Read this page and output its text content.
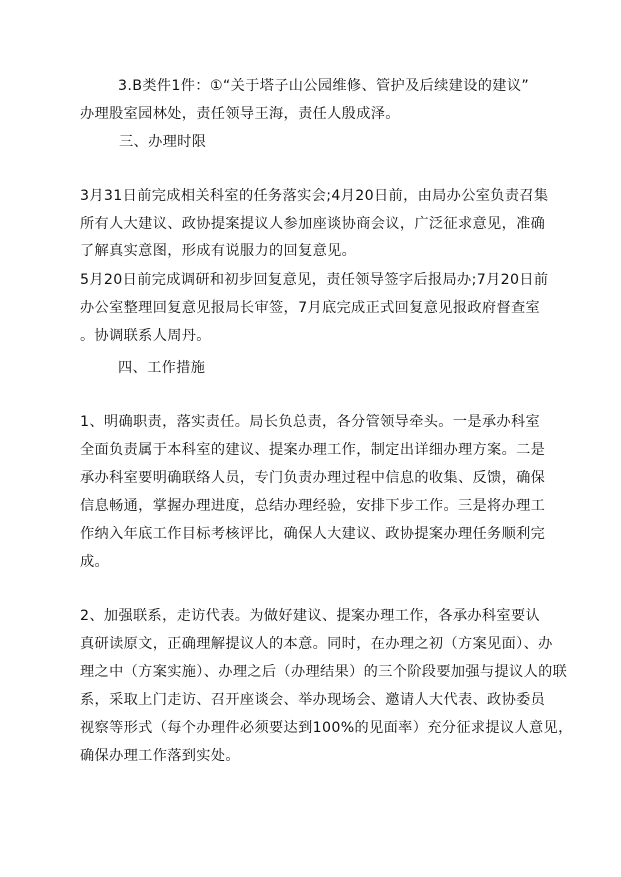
3.B类件1件：①“关于塔子山公园维修、管护及后续建设的建议”
办理股室园林处，责任领导王海，责任人殷成泽。
三、办理时限
3月31日前完成相关科室的任务落实会;4月20日前，由局办公室负责召集
所有人大建议、政协提案提议人参加座谈协商会议，广泛征求意见，准确
了解真实意图，形成有说服力的回复意见。
5月20日前完成调研和初步回复意见，责任领导签字后报局办;7月20日前
办公室整理回复意见报局长审签，7月底完成正式回复意见报政府督查室
。协调联系人周丹。
四、工作措施
1、明确职责，落实责任。局长负总责，各分管领导牵头。一是承办科室
全面负责属于本科室的建议、提案办理工作，制定出详细办理方案。二是
承办科室要明确联络人员，专门负责办理过程中信息的收集、反馈，确保
信息畅通，掌握办理进度，总结办理经验，安排下步工作。三是将办理工
作纳入年底工作目标考核评比，确保人大建议、政协提案办理任务顺利完
成。
2、加强联系，走访代表。为做好建议、提案办理工作，各承办科室要认
真研读原文，正确理解提议人的本意。同时，在办理之初（方案见面）、办
理之中（方案实施）、办理之后（办理结果）的三个阶段要加强与提议人的联
系，采取上门走访、召开座谈会、举办现场会、邀请人大代表、政协委员
视察等形式（每个办理件必须要达到100%的见面率）充分征求提议人意见，
确保办理工作落到实处。
